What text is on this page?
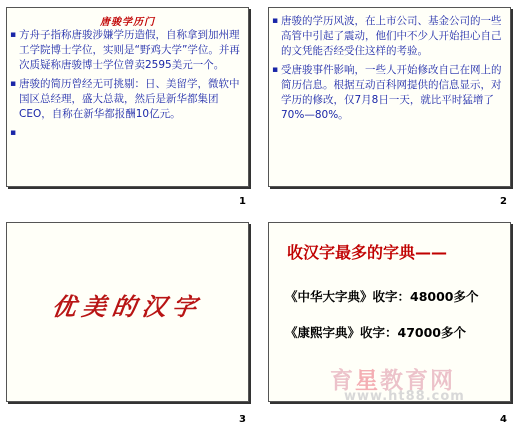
唐骏学历门
▪ 方舟子指称唐骏涉嫌学历造假，自称拿到加州理工学院博士学位，实则是“野鸡大学”学位。并再次质疑称唐骏博士学位曾卖2595美元一个。
▪ 唐骏的简历曾经无可挑剔：日、美留学，微软中国区总经理，盛大总裁，然后是新华都集团CEO，自称在新华都报酬10亿元。
▪
1
▪ 唐骏的学历风波，在上市公司、基金公司的一些高管中引起了震动，他们中不少人开始担心自己的文凭能否经受住这样的考验。
▪ 受唐骏事件影响，一些人开始修改自己在网上的简历信息。根据互动百科网提供的信息显示，对学历的修改，仅7月8日一天，就比平时猛增了70%—80%。
2
优美的汉字
3
收汉字最多的字典——
《中华大字典》收字：48000多个
《康熙字典》收字：47000多个
4
育星教育网
www.ht88.com
